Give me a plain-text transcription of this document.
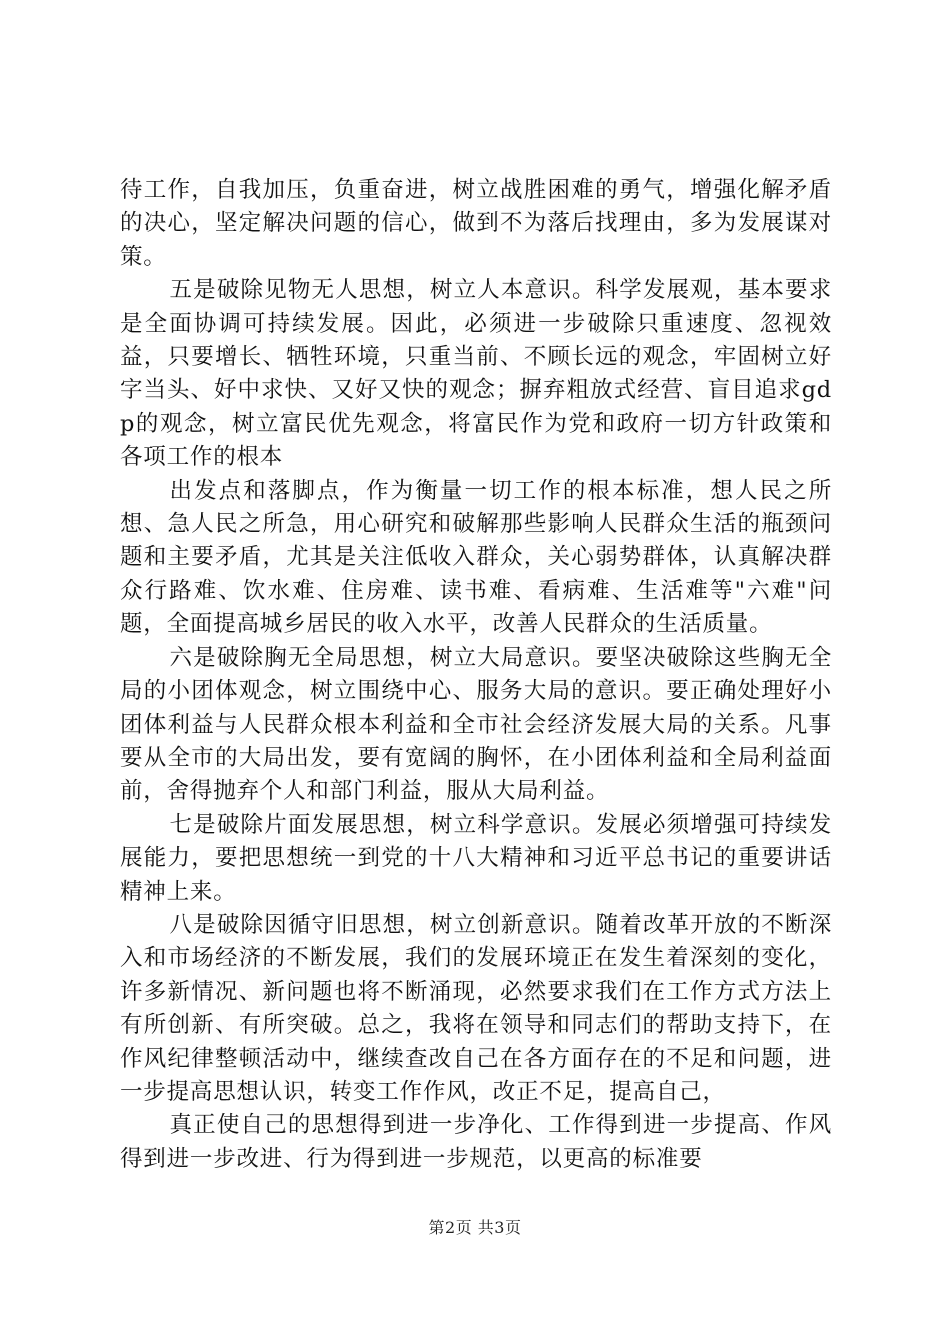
待工作，自我加压，负重奋进，树立战胜困难的勇气，增强化解矛盾的决心，坚定解决问题的信心，做到不为落后找理由，多为发展谋对策。

五是破除见物无人思想，树立人本意识。科学发展观，基本要求是全面协调可持续发展。因此，必须进一步破除只重速度、忽视效益，只要增长、牺牲环境，只重当前、不顾长远的观念，牢固树立好字当头、好中求快、又好又快的观念；摒弃粗放式经营、盲目追求gdp的观念，树立富民优先观念，将富民作为党和政府一切方针政策和各项工作的根本

出发点和落脚点，作为衡量一切工作的根本标准，想人民之所想、急人民之所急，用心研究和破解那些影响人民群众生活的瓶颈问题和主要矛盾，尤其是关注低收入群众，关心弱势群体，认真解决群众行路难、饮水难、住房难、读书难、看病难、生活难等"六难"问题，全面提高城乡居民的收入水平，改善人民群众的生活质量。

六是破除胸无全局思想，树立大局意识。要坚决破除这些胸无全局的小团体观念，树立围绕中心、服务大局的意识。要正确处理好小团体利益与人民群众根本利益和全市社会经济发展大局的关系。凡事要从全市的大局出发，要有宽阔的胸怀，在小团体利益和全局利益面前，舍得抛弃个人和部门利益，服从大局利益。

七是破除片面发展思想，树立科学意识。发展必须增强可持续发展能力，要把思想统一到党的十八大精神和习近平总书记的重要讲话精神上来。

八是破除因循守旧思想，树立创新意识。随着改革开放的不断深入和市场经济的不断发展，我们的发展环境正在发生着深刻的变化，许多新情况、新问题也将不断涌现，必然要求我们在工作方式方法上有所创新、有所突破。总之，我将在领导和同志们的帮助支持下，在作风纪律整顿活动中，继续查改自己在各方面存在的不足和问题，进一步提高思想认识，转变工作作风，改正不足，提高自己，

真正使自己的思想得到进一步净化、工作得到进一步提高、作风得到进一步改进、行为得到进一步规范，以更高的标准要

第2页 共3页
